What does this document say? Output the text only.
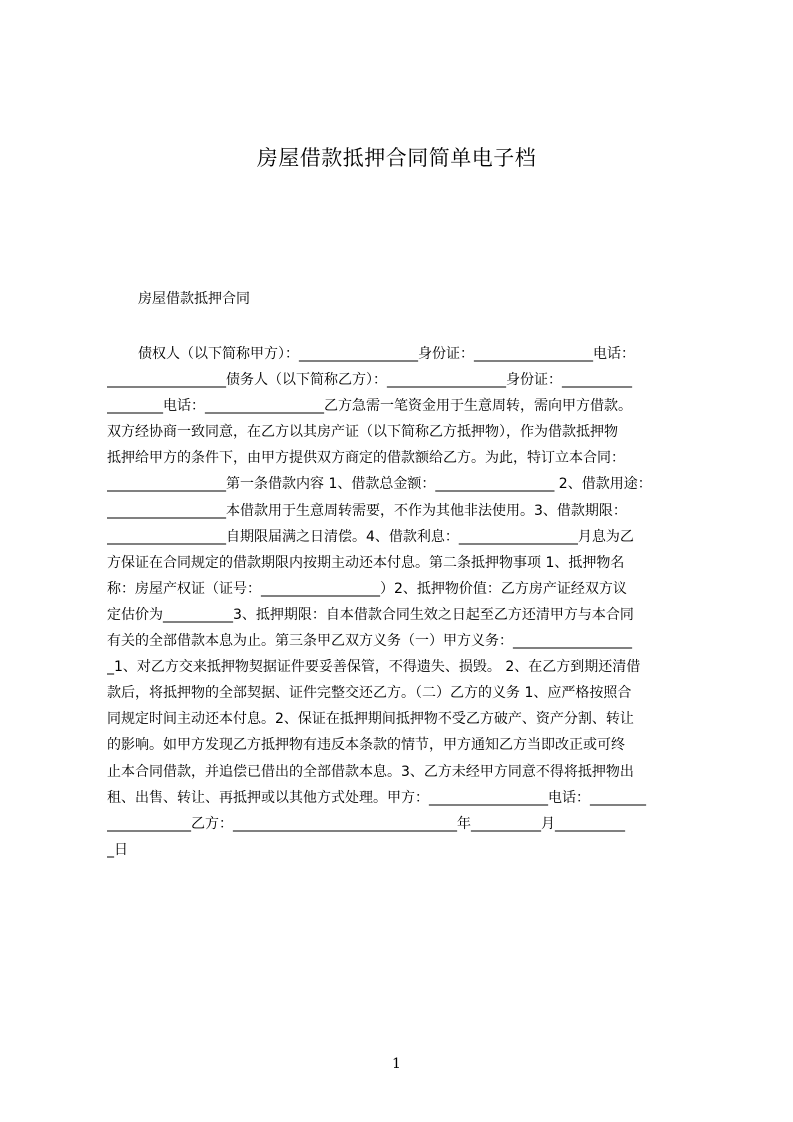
房屋借款抵押合同简单电子档
房屋借款抵押合同
债权人（以下简称甲方）：_________________身份证：_________________电话：
_________________债务人（以下简称乙方）：_________________身份证：__________
________电话：_________________乙方急需一笔资金用于生意周转，需向甲方借款。
双方经协商一致同意，在乙方以其房产证（以下简称乙方抵押物），作为借款抵押物
抵押给甲方的条件下，由甲方提供双方商定的借款额给乙方。为此，特订立本合同：
_________________第一条借款内容 1、借款总金额：_________________ 2、借款用途：
_________________本借款用于生意周转需要，不作为其他非法使用。3、借款期限：
_________________自期限届满之日清偿。4、借款利息：_________________月息为乙
方保证在合同规定的借款期限内按期主动还本付息。第二条抵押物事项 1、抵押物名
称：房屋产权证（证号：_________________）2、抵押物价值：乙方房产证经双方议
定估价为__________3、抵押期限：自本借款合同生效之日起至乙方还清甲方与本合同
有关的全部借款本息为止。第三条甲乙双方义务（一）甲方义务：_________________
_1、对乙方交来抵押物契据证件要妥善保管，不得遗失、损毁。 2、在乙方到期还清借
款后，将抵押物的全部契据、证件完整交还乙方。（二）乙方的义务 1、应严格按照合
同规定时间主动还本付息。2、保证在抵押期间抵押物不受乙方破产、资产分割、转让
的影响。如甲方发现乙方抵押物有违反本条款的情节，甲方通知乙方当即改正或可终
止本合同借款，并追偿已借出的全部借款本息。3、乙方未经甲方同意不得将抵押物出
租、出售、转让、再抵押或以其他方式处理。甲方：_________________电话：________
____________乙方：________________________________年__________月__________
_日
1
